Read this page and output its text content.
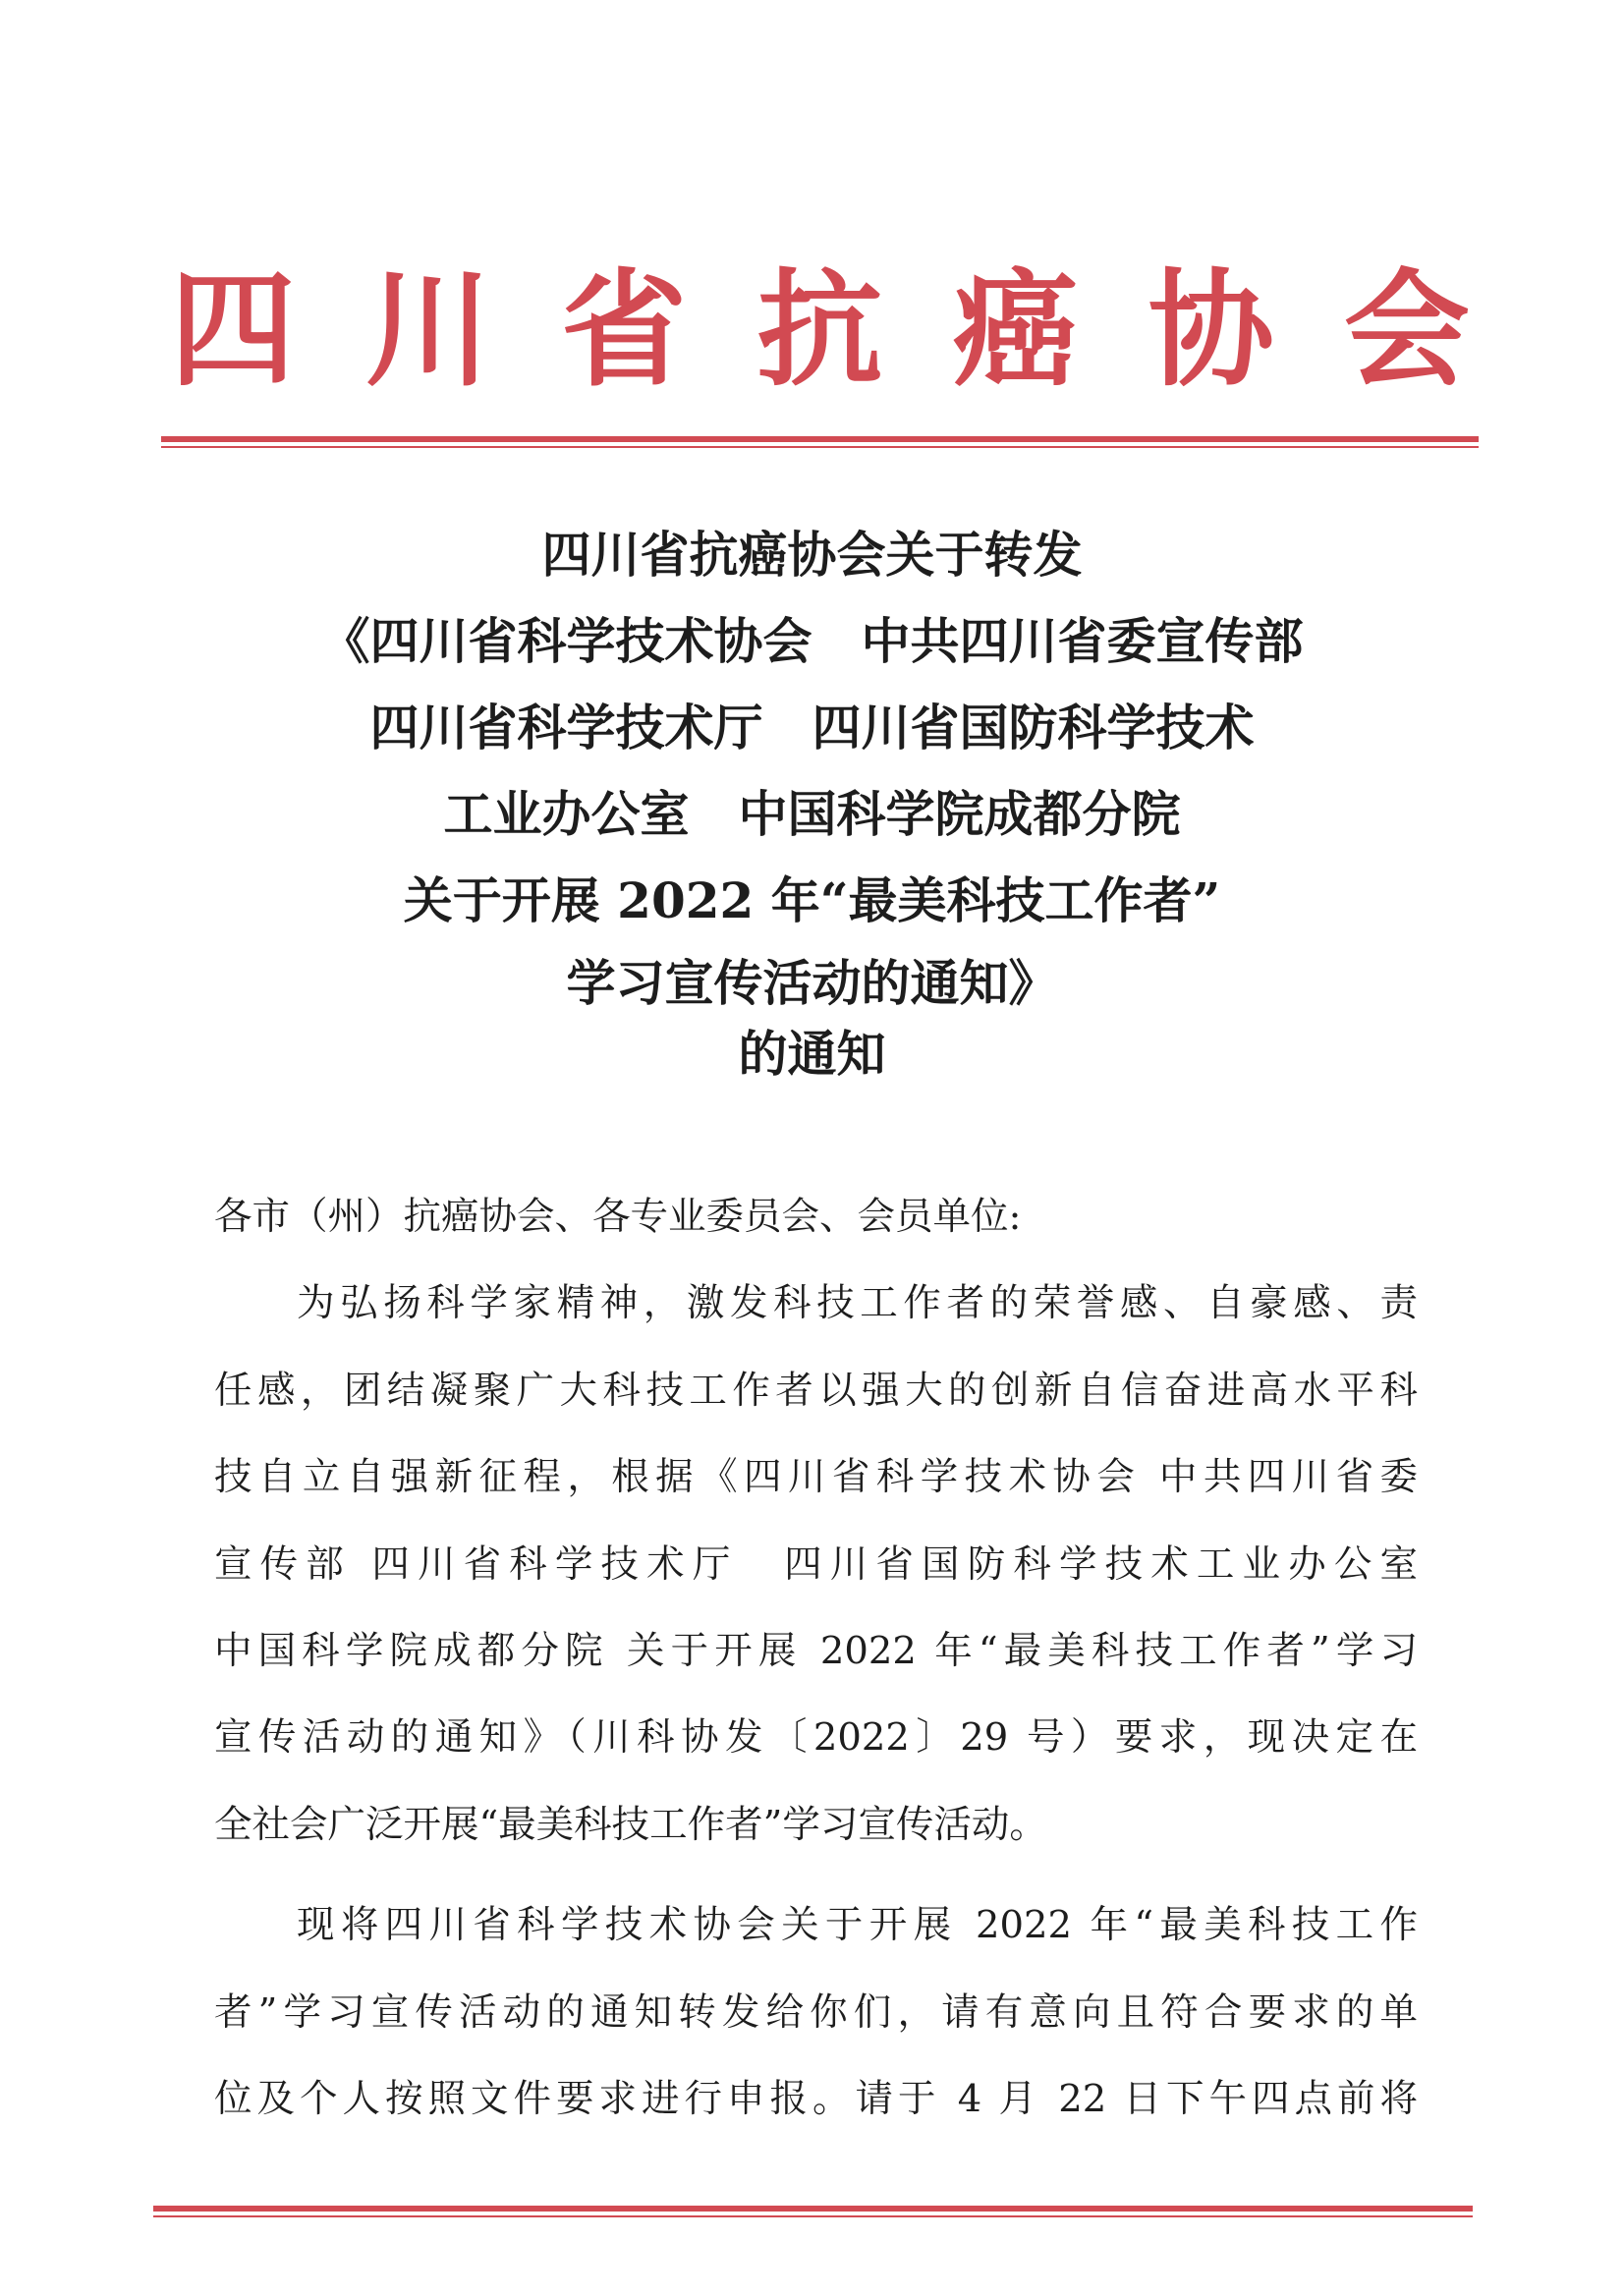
四 川 省 抗 癌 协 会
四川省抗癌协会关于转发
《四川省科学技术协会　中共四川省委宣传部
四川省科学技术厅　四川省国防科学技术
工业办公室　中国科学院成都分院
关于开展 2022 年“最美科技工作者”
学习宣传活动的通知》
的通知
各市（州）抗癌协会、各专业委员会、会员单位:
为弘扬科学家精神，激发科技工作者的荣誉感、自豪感、责
任感，团结凝聚广大科技工作者以强大的创新自信奋进高水平科
技自立自强新征程，根据《四川省科学技术协会 中共四川省委
宣传部 四川省科学技术厅　四川省国防科学技术工业办公室
中国科学院成都分院 关于开展 2022 年“最美科技工作者”学习
宣传活动的通知》（川科协发〔2022〕29 号）要求，现决定在
全社会广泛开展“最美科技工作者”学习宣传活动。
现将四川省科学技术协会关于开展 2022 年“最美科技工作
者”学习宣传活动的通知转发给你们，请有意向且符合要求的单
位及个人按照文件要求进行申报。请于 4 月 22 日下午四点前将
